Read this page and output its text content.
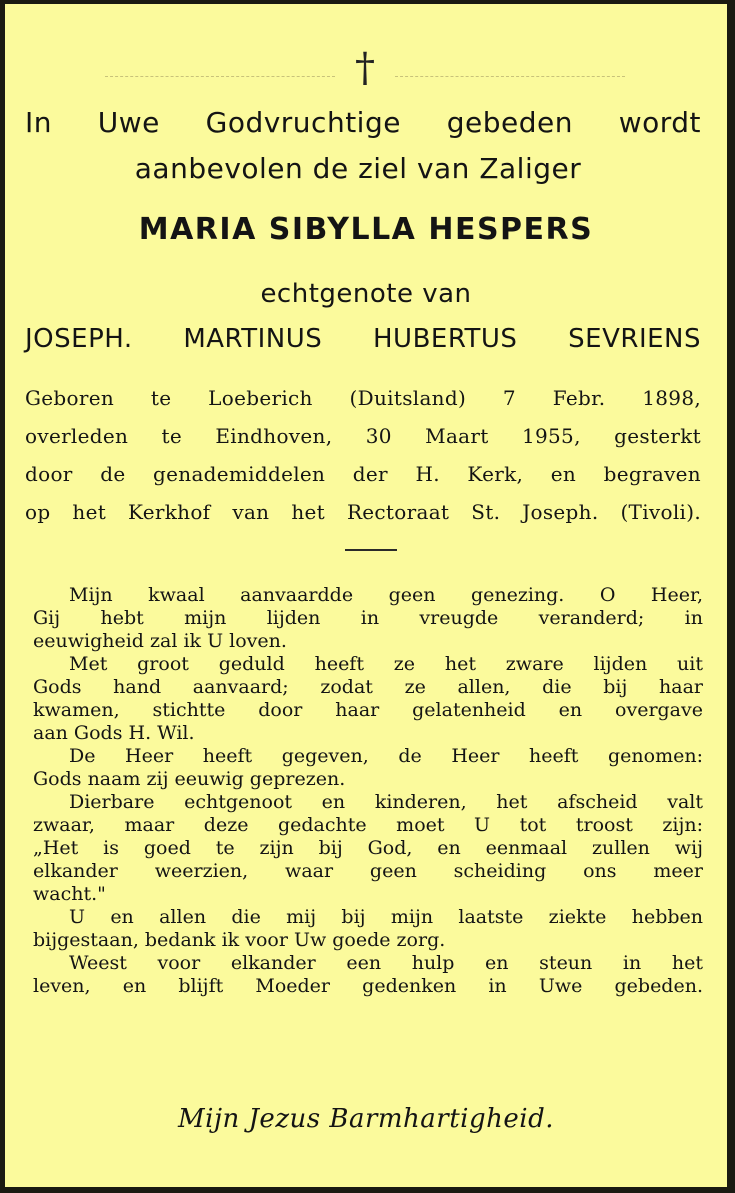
†
In Uwe Godvruchtige gebeden wordt
aanbevolen de ziel van Zaliger
MARIA SIBYLLA HESPERS
echtgenote van
JOSEPH. MARTINUS HUBERTUS SEVRIENS
Geboren te Loeberich (Duitsland) 7 Febr. 1898,
overleden te Eindhoven, 30 Maart 1955, gesterkt
door de genademiddelen der H. Kerk, en begraven
op het Kerkhof van het Rectoraat St. Joseph. (Tivoli).
Mijn kwaal aanvaardde geen genezing. O Heer,
Gij hebt mijn lijden in vreugde veranderd; in
eeuwigheid zal ik U loven.
Met groot geduld heeft ze het zware lijden uit
Gods hand aanvaard; zodat ze allen, die bij haar
kwamen, stichtte door haar gelatenheid en overgave
aan Gods H. Wil.
De Heer heeft gegeven, de Heer heeft genomen:
Gods naam zij eeuwig geprezen.
Dierbare echtgenoot en kinderen, het afscheid valt
zwaar, maar deze gedachte moet U tot troost zijn:
„Het is goed te zijn bij God, en eenmaal zullen wij
elkander weerzien, waar geen scheiding ons meer
wacht."
U en allen die mij bij mijn laatste ziekte hebben
bijgestaan, bedank ik voor Uw goede zorg.
Weest voor elkander een hulp en steun in het
leven, en blijft Moeder gedenken in Uwe gebeden.
Mijn Jezus Barmhartigheid.
